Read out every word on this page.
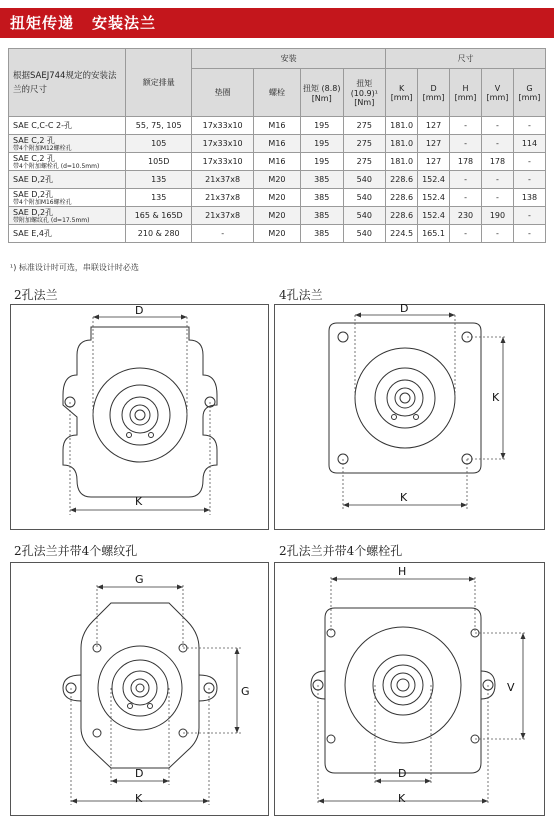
扭矩传递 安装法兰
根据SAEJ744规定的安装法兰的尺寸	额定排量	安装				尺寸				
		垫圈	螺栓	扭矩 (8.8) [Nm]	扭矩 (10.9)¹ [Nm]	K [mm]	D [mm]	H [mm]	V [mm]	G [mm]
SAE C,C-C 2-孔	55, 75, 105	17x33x10	M16	195	275	181.0	127	-	-	-
SAE C,2 孔
带4个附加M12螺栓孔	105	17x33x10	M16	195	275	181.0	127	-	-	114
SAE C,2 孔
带4个附加螺栓孔 (d=10.5mm)	105D	17x33x10	M16	195	275	181.0	127	178	178	-
SAE D,2孔	135	21x37x8	M20	385	540	228.6	152.4	-	-	-
SAE D,2孔
带4个附加M16螺栓孔	135	21x37x8	M20	385	540	228.6	152.4	-	-	138
SAE D,2孔
带附加螺纹孔 (d=17.5mm)	165 & 165D	21x37x8	M20	385	540	228.6	152.4	230	190	-
SAE E,4孔	210 & 280	-	M20	385	540	224.5	165.1	-	-	-
¹) 标准设计时可选，串联设计时必选
2孔法兰	4孔法兰
2孔法兰并带4个螺纹孔	2孔法兰并带4个螺栓孔
D
K
D
K
K
G
D
G
K
H
D
V
K
